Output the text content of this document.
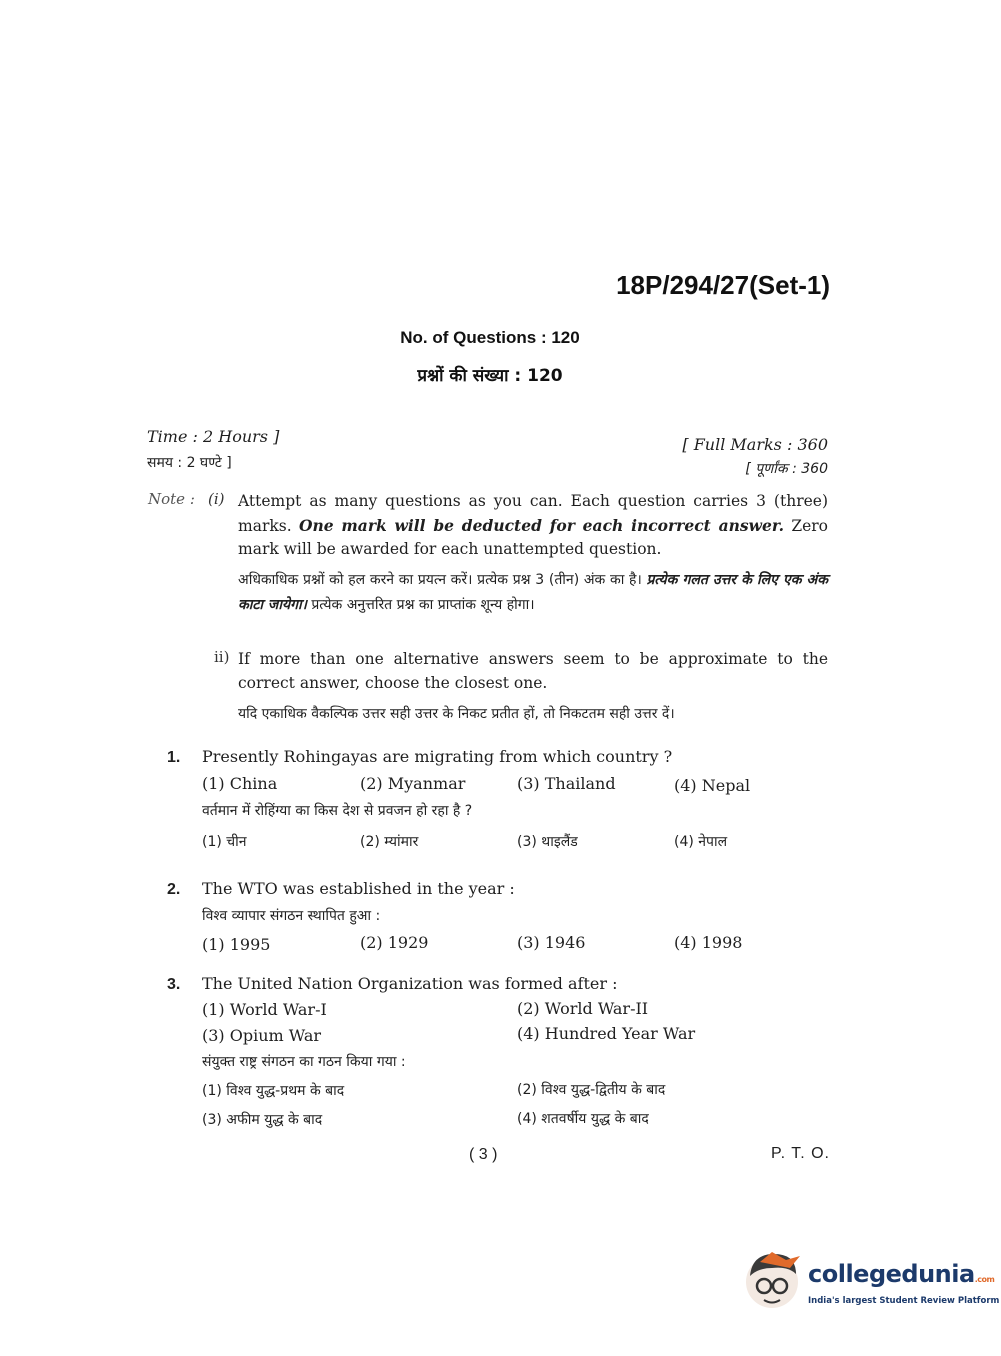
18P/294/27(Set-1)
No. of Questions : 120
प्रश्नों की संख्या : 120
Time : 2 Hours ]
समय : 2 घण्टे ]
[ Full Marks : 360
[ पूर्णांक : 360
Note : (i) Attempt as many questions as you can. Each question carries 3 (three) marks. One mark will be deducted for each incorrect answer. Zero mark will be awarded for each unattempted question.
अधिकाधिक प्रश्नों को हल करने का प्रयत्न करें। प्रत्येक प्रश्न 3 (तीन) अंक का है। प्रत्येक गलत उत्तर के लिए एक अंक काटा जायेगा। प्रत्येक अनुत्तरित प्रश्न का प्राप्तांक शून्य होगा।
ii) If more than one alternative answers seem to be approximate to the correct answer, choose the closest one.
यदि एकाधिक वैकल्पिक उत्तर सही उत्तर के निकट प्रतीत हों, तो निकटतम सही उत्तर दें।
1. Presently Rohingayas are migrating from which country ?
(1) China	(2) Myanmar	(3) Thailand	(4) Nepal
वर्तमान में रोहिंग्या का किस देश से प्रवजन हो रहा है ?
(1) चीन	(2) म्यांमार	(3) थाइलैंड	(4) नेपाल
2. The WTO was established in the year :
विश्व व्यापार संगठन स्थापित हुआ :
(1) 1995	(2) 1929	(3) 1946	(4) 1998
3. The United Nation Organization was formed after :
(1) World War-I	(2) World War-II
(3) Opium War	(4) Hundred Year War
संयुक्त राष्ट्र संगठन का गठन किया गया :
(1) विश्व युद्ध-प्रथम के बाद	(2) विश्व युद्ध-द्वितीय के बाद
(3) अफीम युद्ध के बाद	(4) शतवर्षीय युद्ध के बाद
( 3 )	P. T. O.
collegedunia.com
India's largest Student Review Platform
